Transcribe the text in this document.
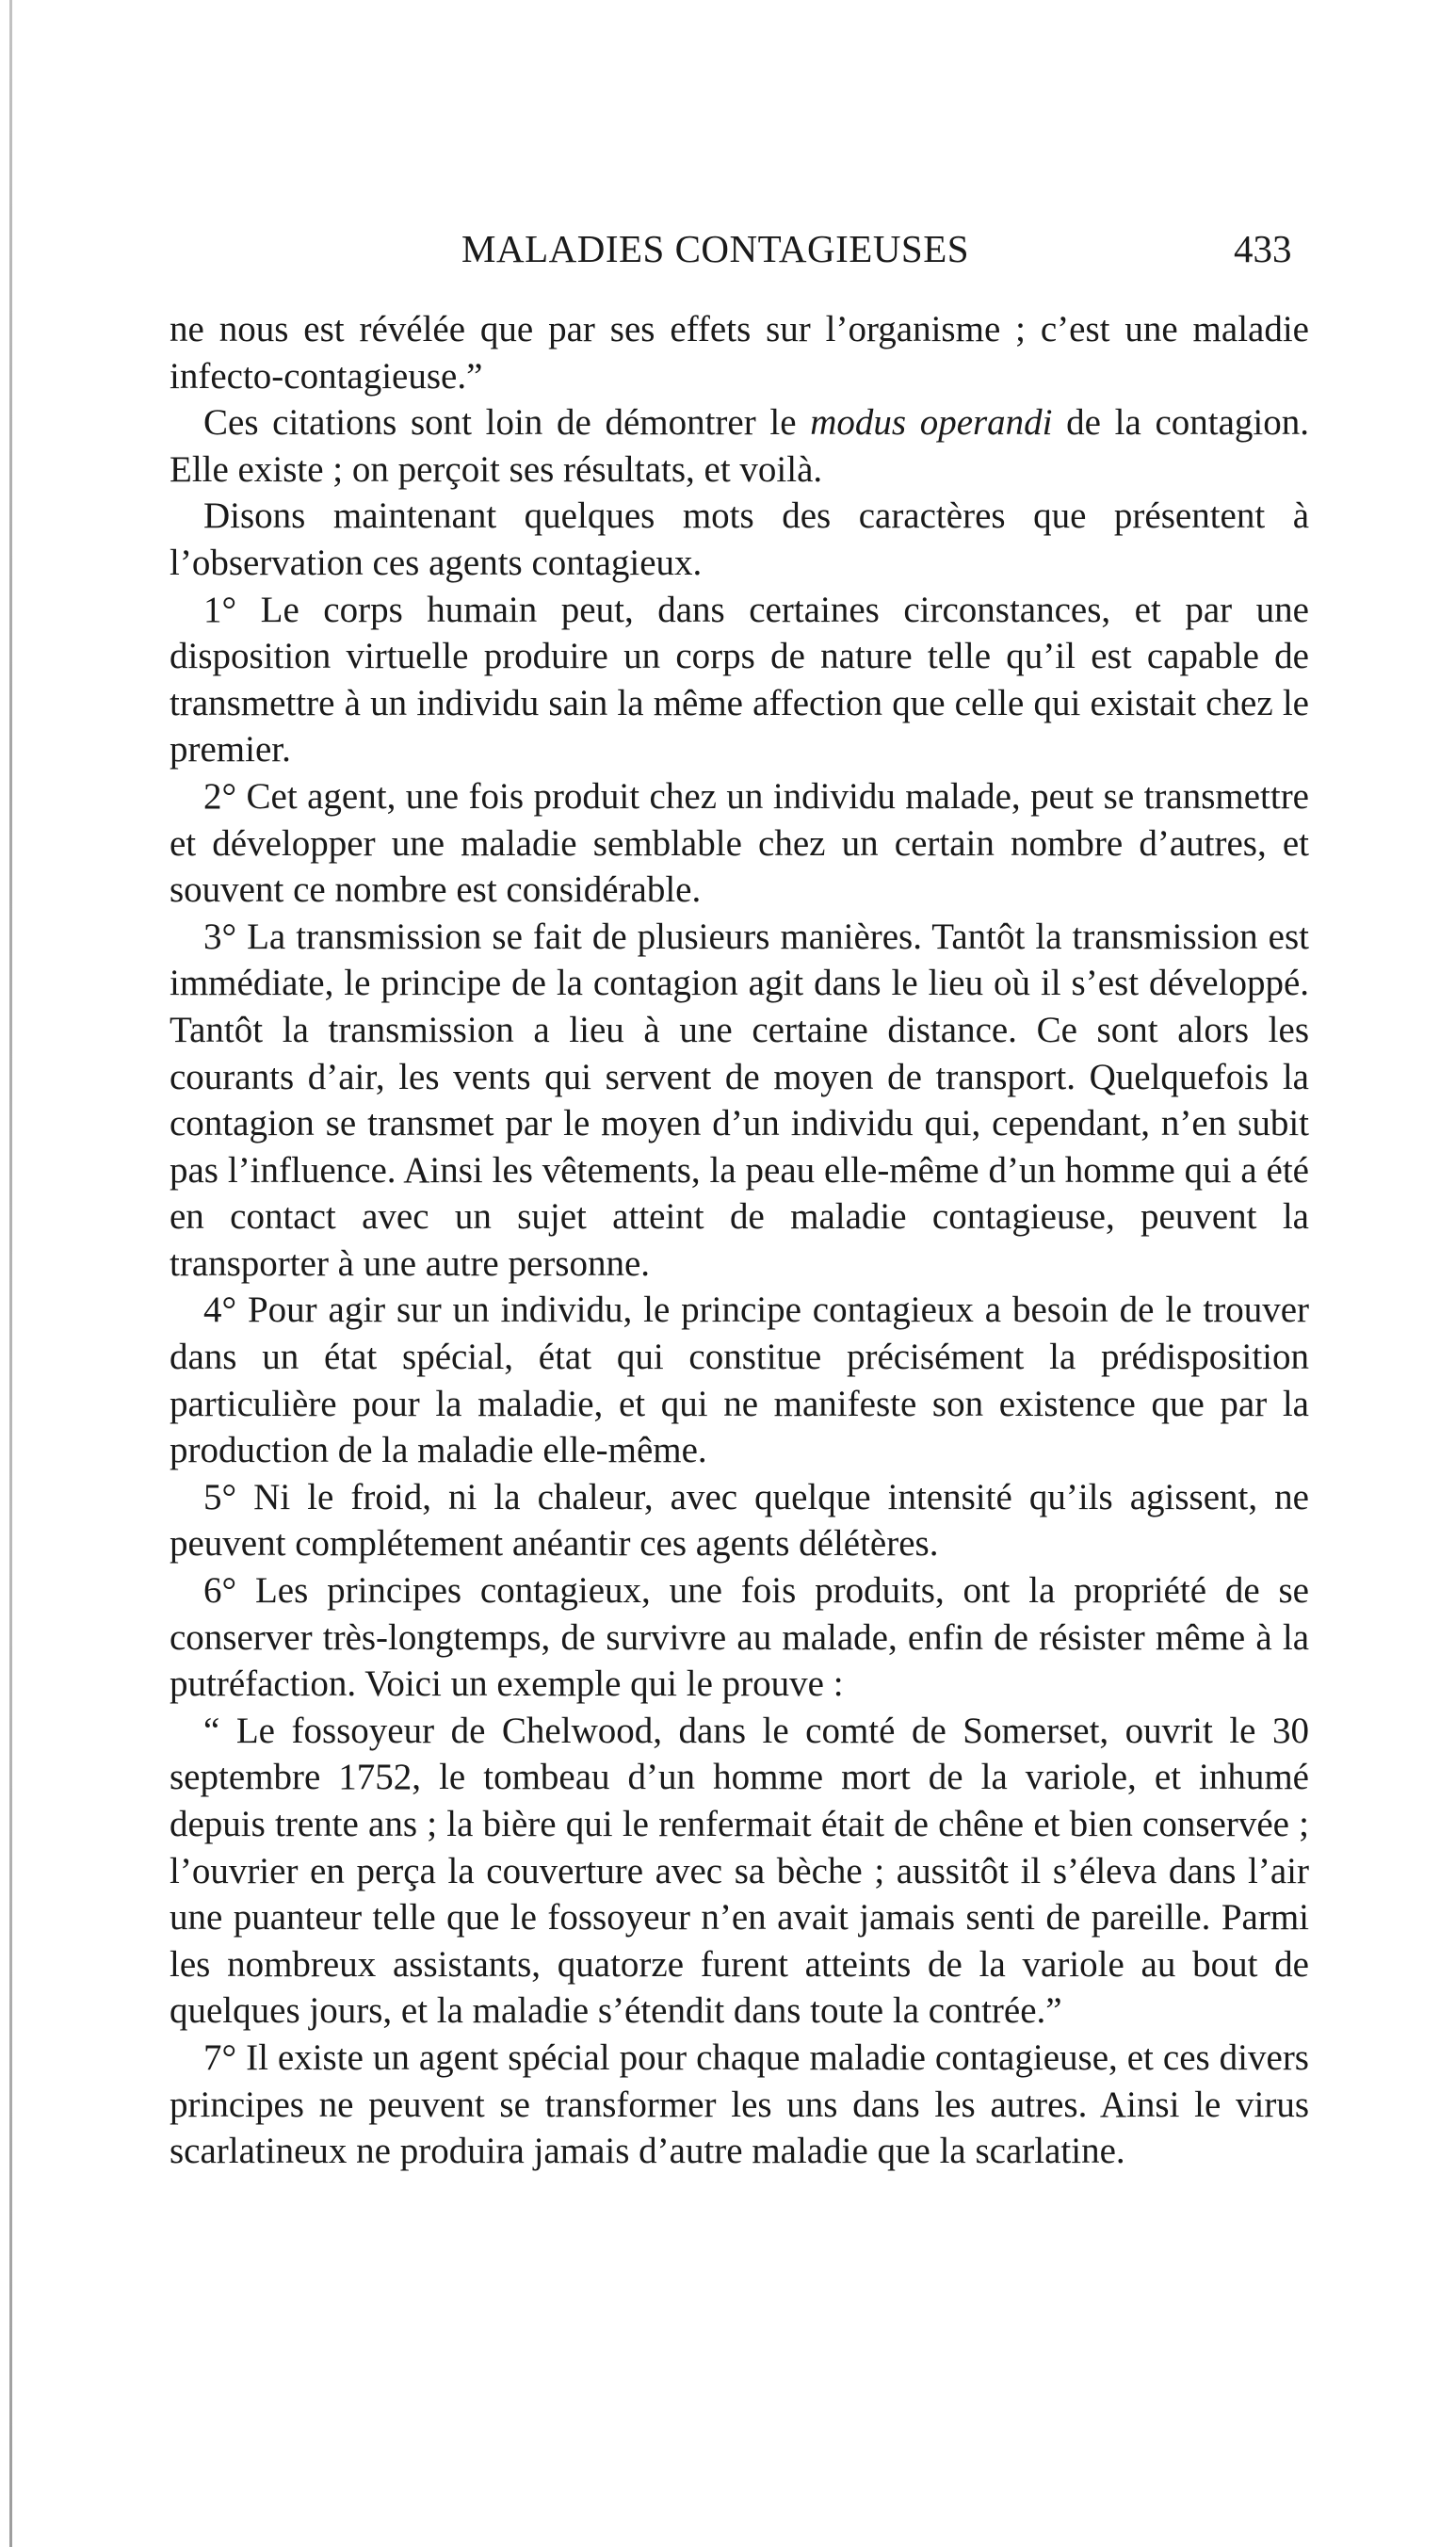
MALADIES CONTAGIEUSES	433

ne nous est révélée que par ses effets sur l’organisme ; c’est une maladie infecto-contagieuse.”

Ces citations sont loin de démontrer le modus operandi de la contagion. Elle existe ; on perçoit ses résultats, et voilà.

Disons maintenant quelques mots des caractères que présentent à l’observation ces agents contagieux.

1° Le corps humain peut, dans certaines circonstances, et par une disposition virtuelle produire un corps de nature telle qu’il est capable de transmettre à un individu sain la même affection que celle qui existait chez le premier.

2° Cet agent, une fois produit chez un individu malade, peut se transmettre et développer une maladie semblable chez un certain nombre d’autres, et souvent ce nombre est considérable.

3° La transmission se fait de plusieurs manières. Tantôt la transmission est immédiate, le principe de la contagion agit dans le lieu où il s’est développé. Tantôt la transmission a lieu à une certaine distance. Ce sont alors les courants d’air, les vents qui servent de moyen de transport. Quelquefois la contagion se transmet par le moyen d’un individu qui, cependant, n’en subit pas l’influence. Ainsi les vêtements, la peau elle-même d’un homme qui a été en contact avec un sujet atteint de maladie contagieuse, peuvent la transporter à une autre personne.

4° Pour agir sur un individu, le principe contagieux a besoin de le trouver dans un état spécial, état qui constitue précisément la prédisposition particulière pour la maladie, et qui ne manifeste son existence que par la production de la maladie elle-même.

5° Ni le froid, ni la chaleur, avec quelque intensité qu’ils agissent, ne peuvent complétement anéantir ces agents délétères.

6° Les principes contagieux, une fois produits, ont la propriété de se conserver très-longtemps, de survivre au malade, enfin de résister même à la putréfaction. Voici un exemple qui le prouve :

“ Le fossoyeur de Chelwood, dans le comté de Somerset, ouvrit le 30 septembre 1752, le tombeau d’un homme mort de la variole, et inhumé depuis trente ans ; la bière qui le renfermait était de chêne et bien conservée ; l’ouvrier en perça la couverture avec sa bèche ; aussitôt il s’éleva dans l’air une puanteur telle que le fossoyeur n’en avait jamais senti de pareille. Parmi les nombreux assistants, quatorze furent atteints de la variole au bout de quelques jours, et la maladie s’étendit dans toute la contrée.”

7° Il existe un agent spécial pour chaque maladie contagieuse, et ces divers principes ne peuvent se transformer les uns dans les autres. Ainsi le virus scarlatineux ne produira jamais d’autre maladie que la scarlatine.
